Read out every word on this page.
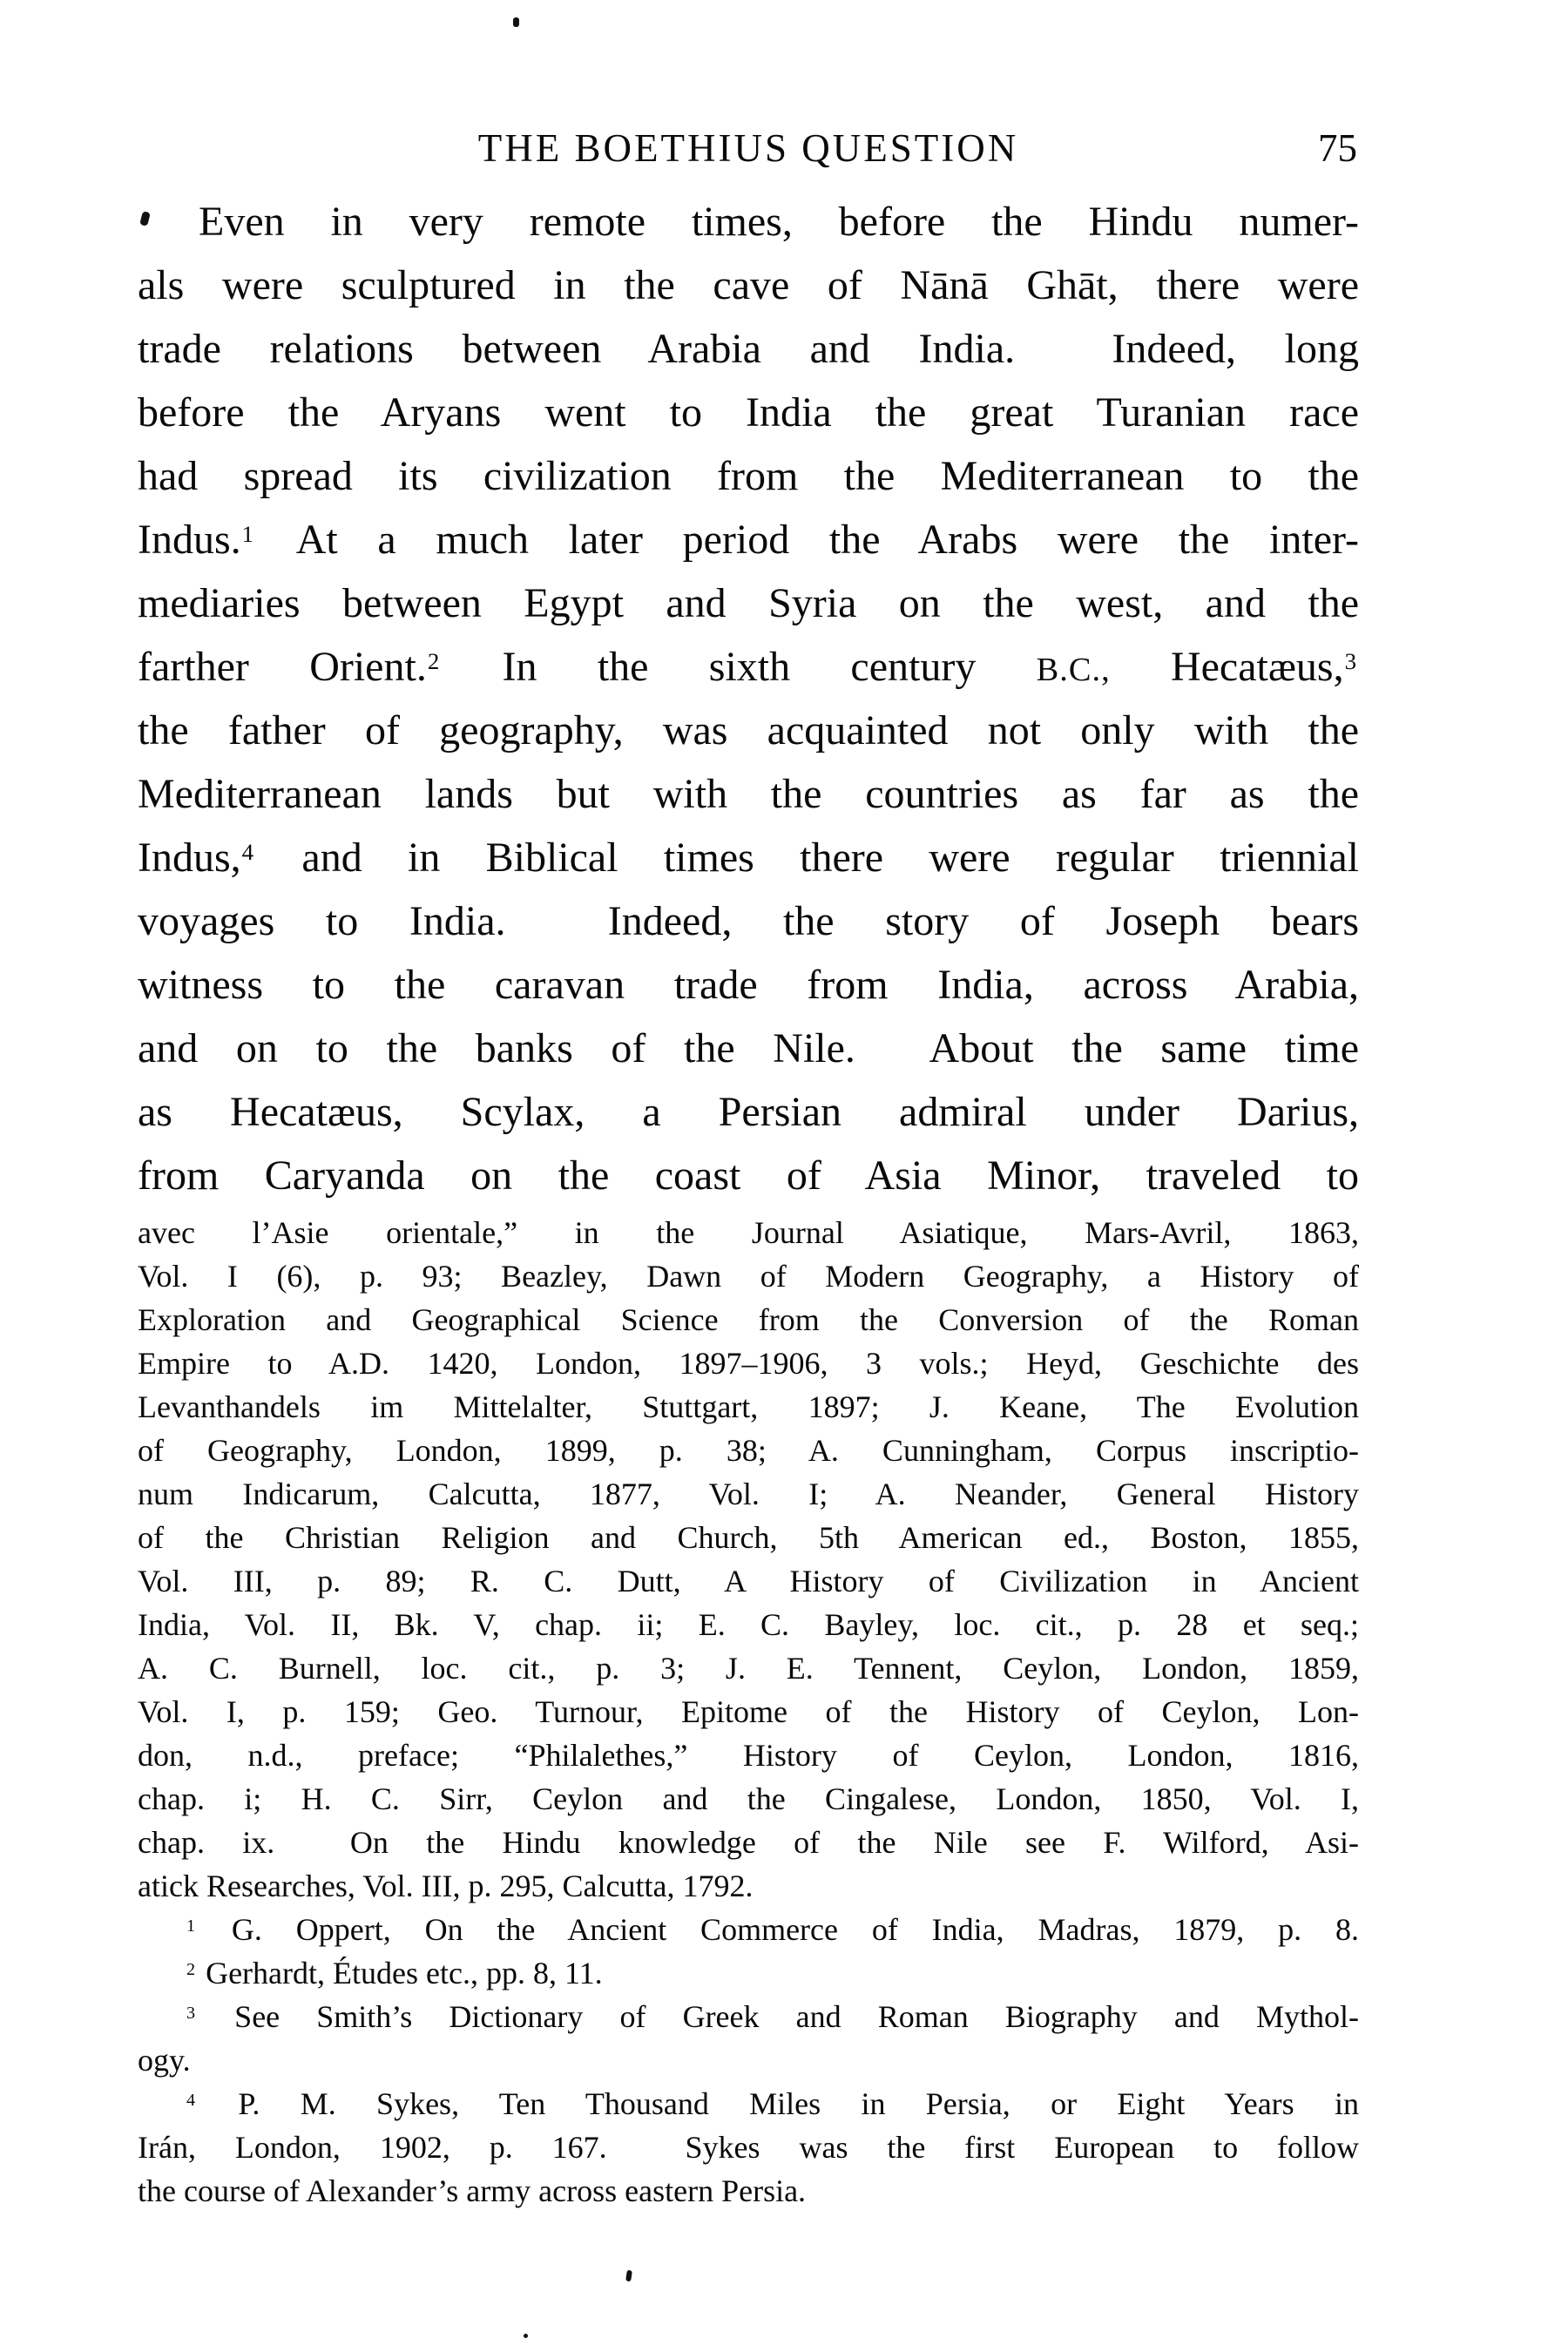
THE BOETHIUS QUESTION	75
Even in very remote times, before the Hindu numer-
als were sculptured in the cave of Nānā Ghāt, there were
trade relations between Arabia and India.  Indeed, long
before the Aryans went to India the great Turanian race
had spread its civilization from the Mediterranean to the
Indus.$^1$ At a much later period the Arabs were the inter-
mediaries between Egypt and Syria on the west, and the
farther Orient.$^2$ In the sixth century B.C., Hecatæus,$^3$
the father of geography, was acquainted not only with the
Mediterranean lands but with the countries as far as the
Indus,$^4$ and in Biblical times there were regular triennial
voyages to India.  Indeed, the story of Joseph bears
witness to the caravan trade from India, across Arabia,
and on to the banks of the Nile.  About the same time
as Hecatæus, Scylax, a Persian admiral under Darius,
from Caryanda on the coast of Asia Minor, traveled to
avec l’Asie orientale,” in the Journal Asiatique, Mars-Avril, 1863,
Vol. I (6), p. 93; Beazley, Dawn of Modern Geography, a History of
Exploration and Geographical Science from the Conversion of the Roman
Empire to A.D. 1420, London, 1897–1906, 3 vols.; Heyd, Geschichte des
Levanthandels im Mittelalter, Stuttgart, 1897; J. Keane, The Evolution
of Geography, London, 1899, p. 38; A. Cunningham, Corpus inscriptio-
num Indicarum, Calcutta, 1877, Vol. I; A. Neander, General History
of the Christian Religion and Church, 5th American ed., Boston, 1855,
Vol. III, p. 89; R. C. Dutt, A History of Civilization in Ancient
India, Vol. II, Bk. V, chap. ii; E. C. Bayley, loc. cit., p. 28 et seq.;
A. C. Burnell, loc. cit., p. 3; J. E. Tennent, Ceylon, London, 1859,
Vol. I, p. 159; Geo. Turnour, Epitome of the History of Ceylon, Lon-
don, n.d., preface; “Philalethes,” History of Ceylon, London, 1816,
chap. i; H. C. Sirr, Ceylon and the Cingalese, London, 1850, Vol. I,
chap. ix.  On the Hindu knowledge of the Nile see F. Wilford, Asi-
atick Researches, Vol. III, p. 295, Calcutta, 1792.
$^1$ G. Oppert, On the Ancient Commerce of India, Madras, 1879, p. 8.
$^2$ Gerhardt, Études etc., pp. 8, 11.
$^3$ See Smith’s Dictionary of Greek and Roman Biography and Mythol-
ogy.
$^4$ P. M. Sykes, Ten Thousand Miles in Persia, or Eight Years in
Irán, London, 1902, p. 167.  Sykes was the first European to follow
the course of Alexander’s army across eastern Persia.
